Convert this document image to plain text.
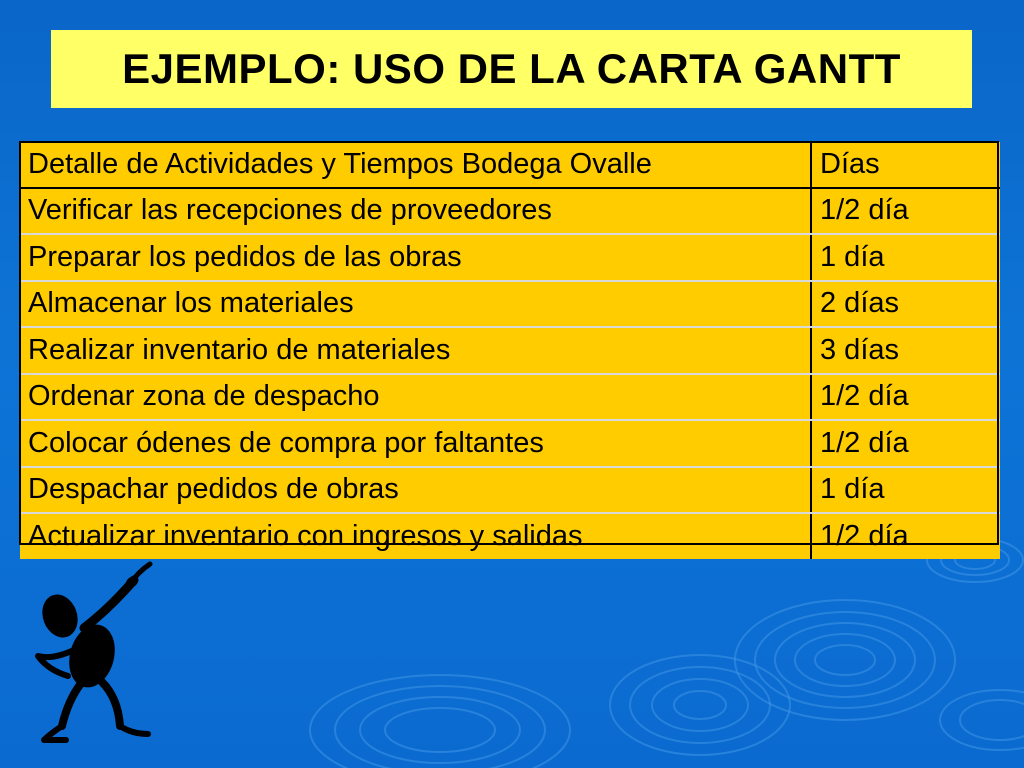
EJEMPLO: USO DE LA CARTA GANTT
Detalle de Actividades y Tiempos Bodega Ovalle	Días
Verificar las recepciones de proveedores	1/2 día
Preparar los pedidos de las obras	1 día
Almacenar los materiales	2 días
Realizar inventario de materiales	3 días
Ordenar zona de despacho	1/2 día
Colocar ódenes de compra por faltantes	1/2 día
Despachar pedidos de obras	1 día
Actualizar inventario con ingresos y salidas	1/2 día
